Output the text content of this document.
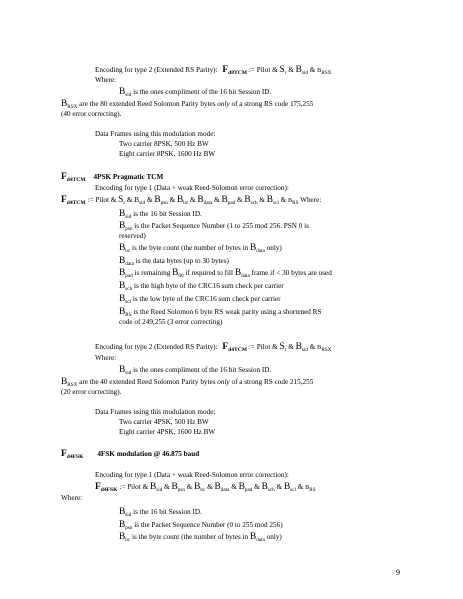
Encoding for type 2 (Extended RS Parity): $F_{d8TCM}$ := Pilot & $S_r$ & $B_{sid}$ & $B_{RSX}$
Where:
$B_{sid}$ is the ones compliment of the 16 bit Session ID.
$B_{RSX}$ are the 80 extended Reed Solomon Parity bytes only of a strong RS code 175,255
(40 error correcting).
Data Frames using this modulation mode:
Two carrier 8PSK, 500 Hz BW
Eight carrier 8PSK, 1600 Hz BW
$F_{d4TCM}$ 4PSK Pragmatic TCM
Encoding for type 1 (Data + weak Reed-Solomon error correction):
$F_{d4TCM}$ := Pilot & $S_r$ & $B_{sid}$ & $B_{psn}$ & $B_{bc}$ & $B_{data}$ & $B_{pad}$ & $B_{sch}$ & $B_{scl}$ & $B_{RS}$ Where:
$B_{sid}$ is the 16 bit Session ID.
$B_{psn}$ is the Packet Sequence Number (1 to 255 mod 256. PSN 0 is
reserved)
$B_{bc}$ is the byte count (the number of bytes in $B_{data}$ only)
$B_{data}$ is the data bytes (up to 30 bytes)
$B_{pad}$ is remaining $B_{00}$ if required to fill $B_{data}$ frame if < 30 bytes are used
$B_{sch}$ is the high byte of the CRC16 sum check per carrier
$B_{scl}$ is the low byte of the CRC16 sum check per carrier
$B_{RS}$ is the Reed Solomon 6 byte RS weak parity using a shortened RS
code of 249,255 (3 error correcting)
Encoding for type 2 (Extended RS Parity): $F_{d4TCM}$ := Pilot & $S_r$ & $B_{sid}$ & $B_{RSX}$
Where:
$B_{sid}$ is the ones compliment of the 16 bit Session ID.
$B_{RSX}$ are the 40 extended Reed Solomon Parity bytes only of a strong RS code 215,255
(20 error correcting).
Data Frames using this modulation mode:
Two carrier 4PSK, 500 Hz BW
Eight carrier 4PSK, 1600 Hz BW
$F_{d4FSK}$ 4FSK modulation @ 46.875 baud
Encoding for type 1 (Data + weak Reed-Solomon error correction):
$F_{d4FSK}$ := Pilot & $B_{sid}$ & $B_{psn}$ & $B_{bc}$ & $B_{data}$ & $B_{pad}$ & $B_{sch}$ & $B_{scl}$ & $B_{RS}$
Where:
$B_{sid}$ is the 16 bit Session ID.
$B_{psn}$ is the Packet Sequence Number (0 to 255 mod 256)
$B_{bc}$ is the byte count (the number of bytes in $B_{data}$ only)
9
